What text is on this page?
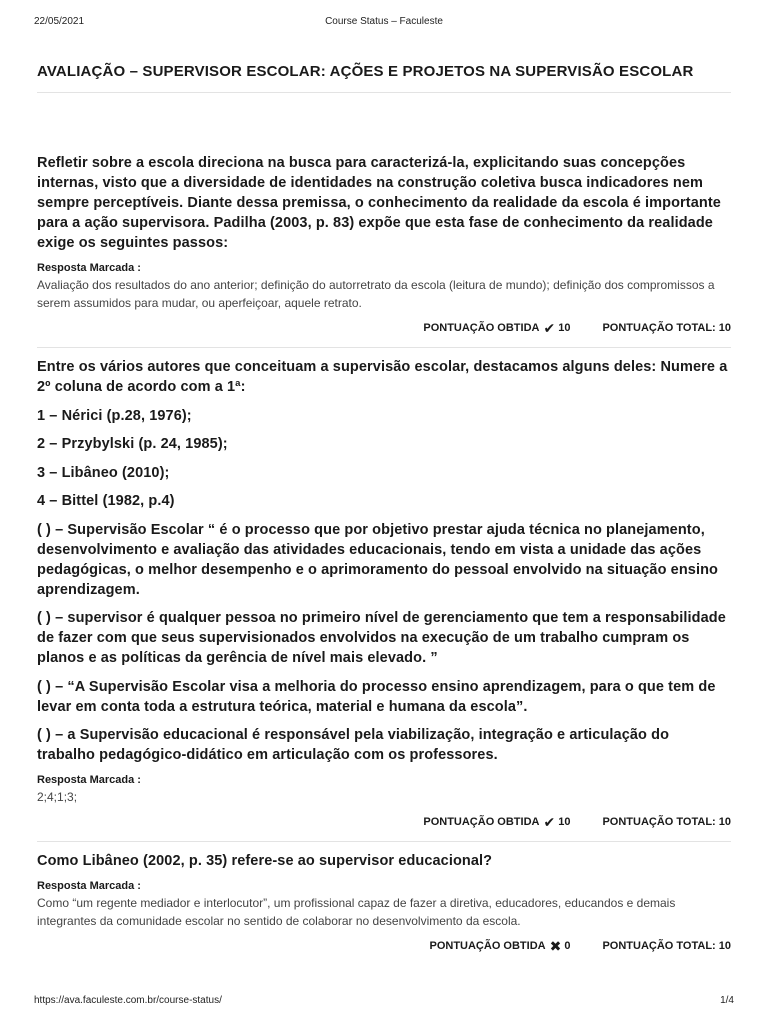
22/05/2021	Course Status – Faculeste
AVALIAÇÃO – SUPERVISOR ESCOLAR: AÇÕES E PROJETOS NA SUPERVISÃO ESCOLAR

Refletir sobre a escola direciona na busca para caracterizá-la, explicitando suas concepções internas, visto que a diversidade de identidades na construção coletiva busca indicadores nem sempre perceptíveis. Diante dessa premissa, o conhecimento da realidade da escola é importante para a ação supervisora. Padilha (2003, p. 83) expõe que esta fase de conhecimento da realidade exige os seguintes passos:

Resposta Marcada :
Avaliação dos resultados do ano anterior; definição do autorretrato da escola (leitura de mundo); definição dos compromissos a serem assumidos para mudar, ou aperfeiçoar, aquele retrato.
PONTUAÇÃO OBTIDA ✔ 10	PONTUAÇÃO TOTAL: 10

Entre os vários autores que conceituam a supervisão escolar, destacamos alguns deles: Numere a 2º coluna de acordo com a 1ª:

1 – Nérici (p.28, 1976);

2 – Przybylski (p. 24, 1985);

3 – Libâneo (2010);

4 – Bittel (1982, p.4)

( ) – Supervisão Escolar “ é o processo que por objetivo prestar ajuda técnica no planejamento, desenvolvimento e avaliação das atividades educacionais, tendo em vista a unidade das ações pedagógicas, o melhor desempenho e o aprimoramento do pessoal envolvido na situação ensino aprendizagem.

( ) – supervisor é qualquer pessoa no primeiro nível de gerenciamento que tem a responsabilidade de fazer com que seus supervisionados envolvidos na execução de um trabalho cumpram os planos e as políticas da gerência de nível mais elevado. ”

( ) – “A Supervisão Escolar visa a melhoria do processo ensino aprendizagem, para o que tem de levar em conta toda a estrutura teórica, material e humana da escola”.

( ) – a Supervisão educacional é responsável pela viabilização, integração e articulação do trabalho pedagógico-didático em articulação com os professores.

Resposta Marcada :
2;4;1;3;
PONTUAÇÃO OBTIDA ✔ 10	PONTUAÇÃO TOTAL: 10

Como Libâneo (2002, p. 35) refere-se ao supervisor educacional?

Resposta Marcada :
Como “um regente mediador e interlocutor”, um profissional capaz de fazer a diretiva, educadores, educandos e demais integrantes da comunidade escolar no sentido de colaborar no desenvolvimento da escola.
PONTUAÇÃO OBTIDA ✖ 0	PONTUAÇÃO TOTAL: 10
https://ava.faculeste.com.br/course-status/	1/4
